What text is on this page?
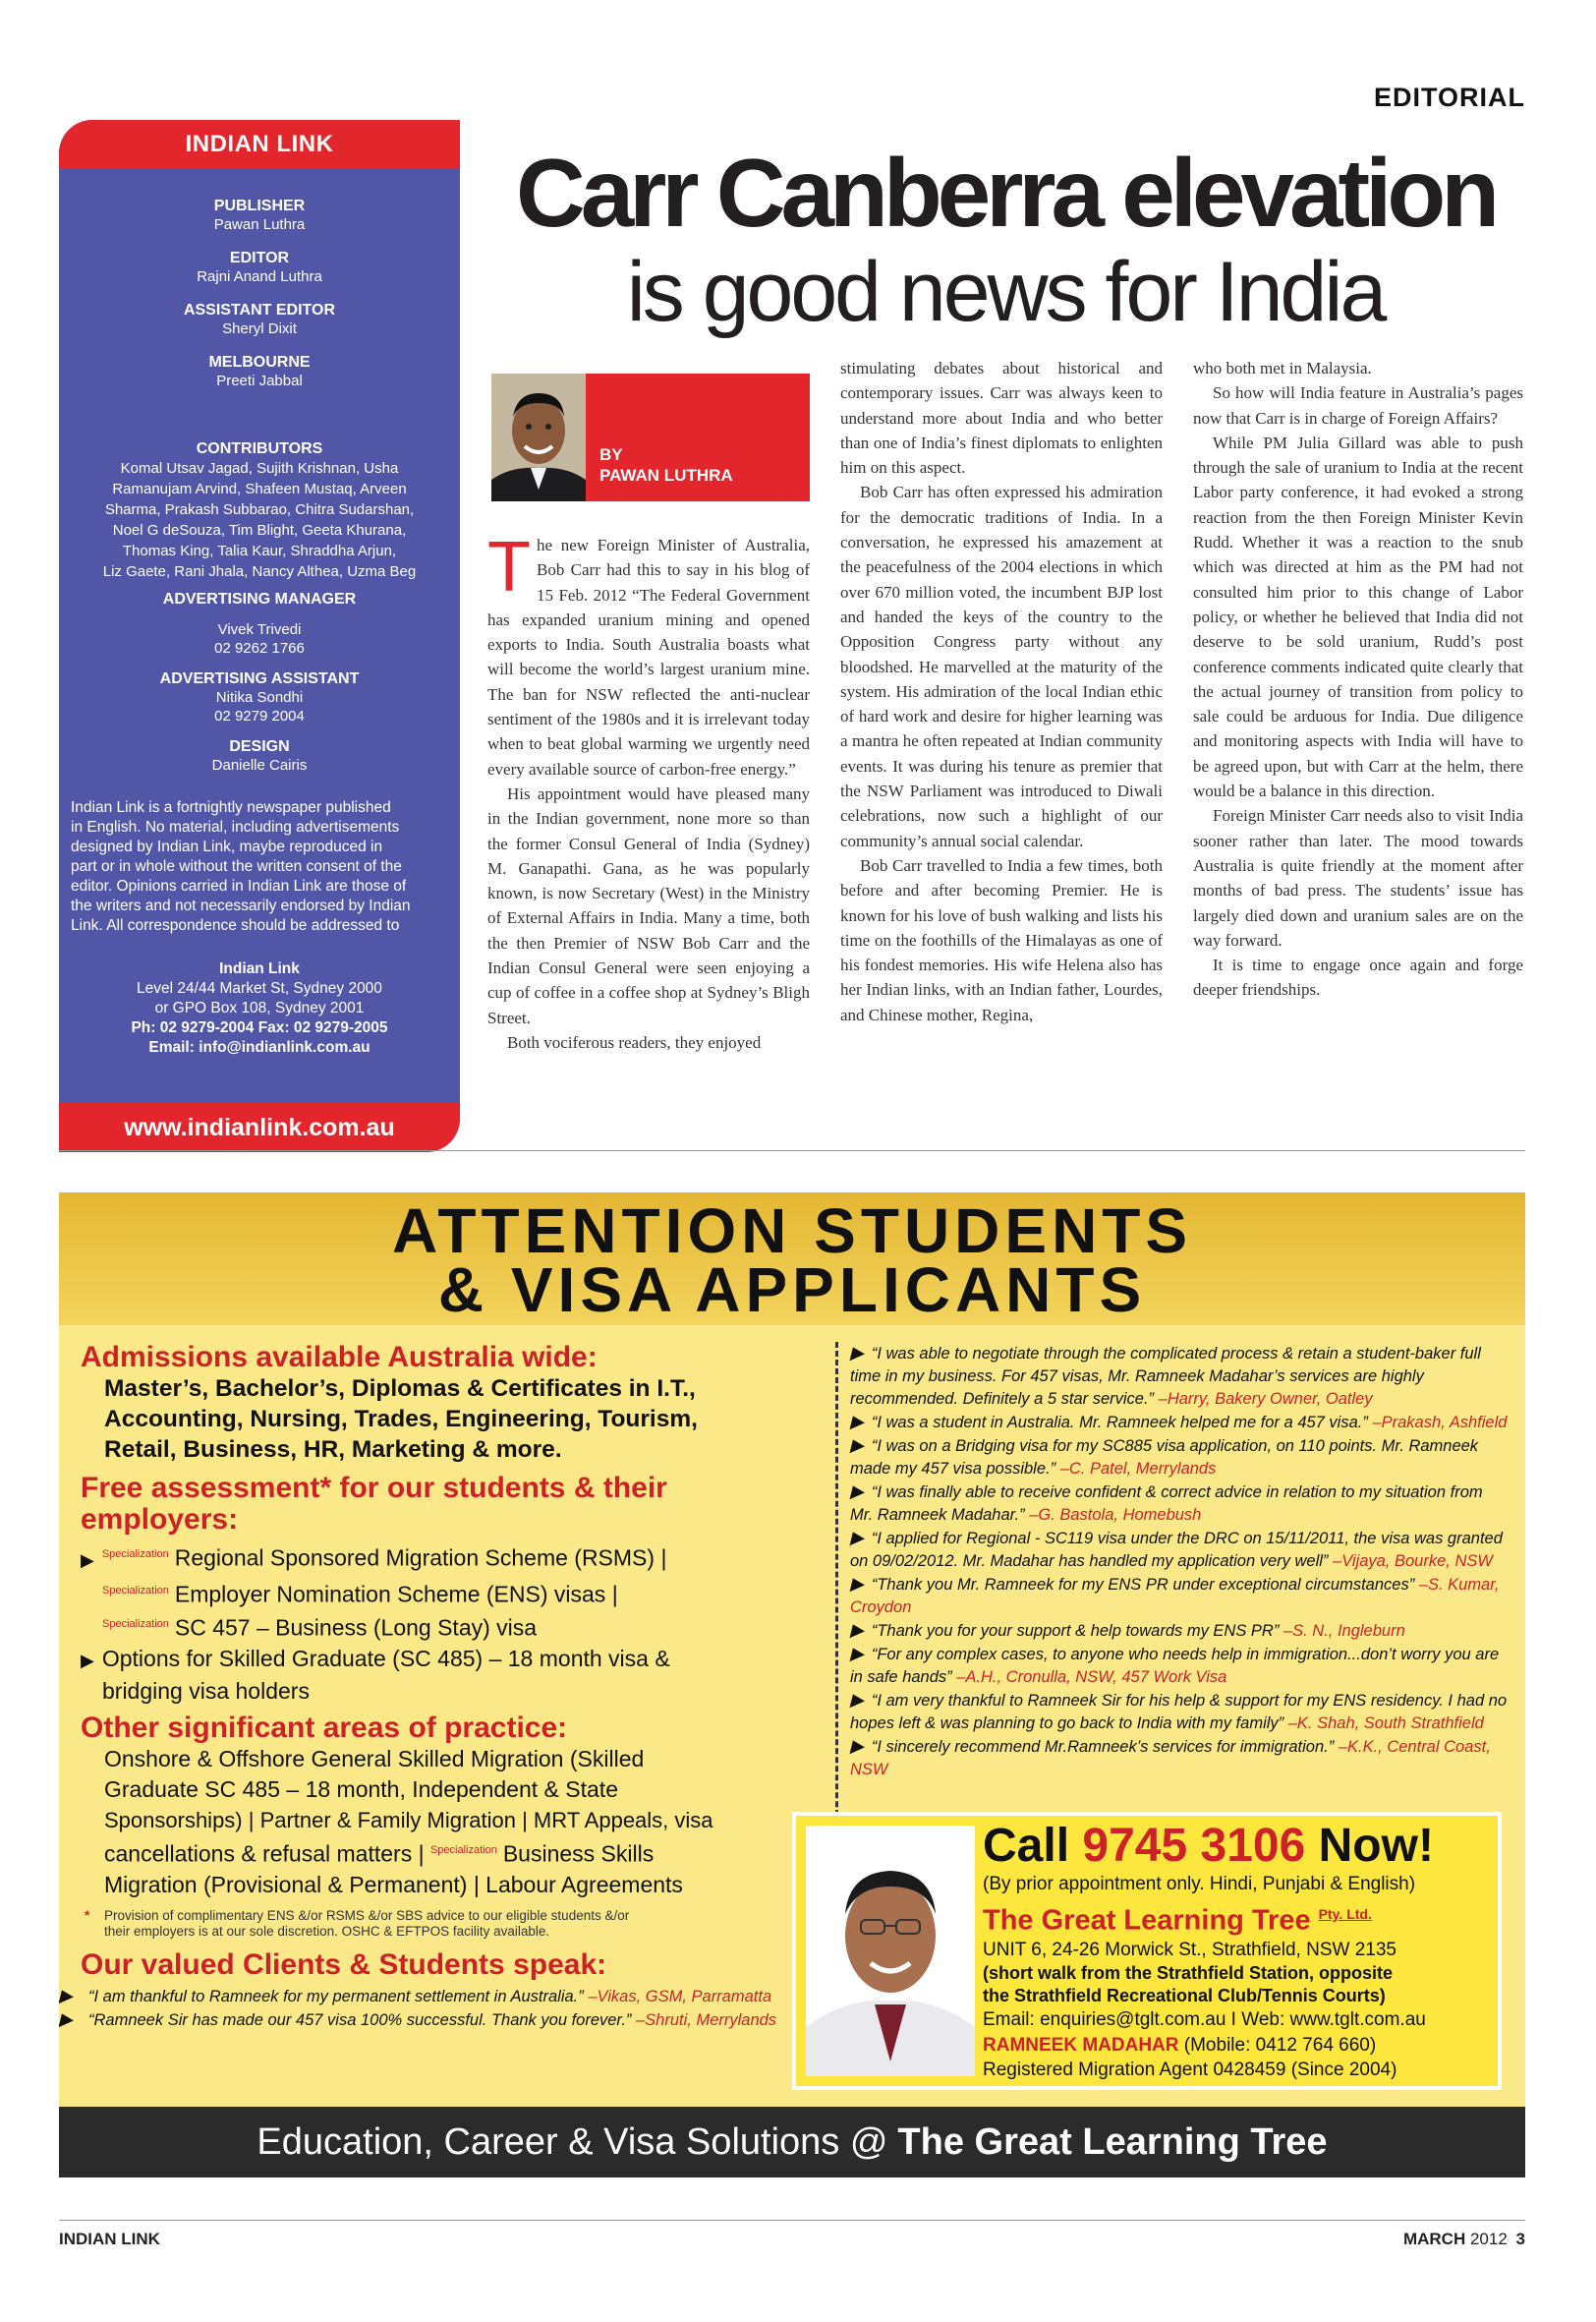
EDITORIAL
INDIAN LINK
PUBLISHER
Pawan Luthra
EDITOR
Rajni Anand Luthra
ASSISTANT EDITOR
Sheryl Dixit
MELBOURNE
Preeti Jabbal
CONTRIBUTORS
Komal Utsav Jagad, Sujith Krishnan, Usha
Ramanujam Arvind, Shafeen Mustaq, Arveen
Sharma, Prakash Subbarao, Chitra Sudarshan,
Noel G deSouza, Tim Blight, Geeta Khurana,
Thomas King, Talia Kaur, Shraddha Arjun,
Liz Gaete, Rani Jhala, Nancy Althea, Uzma Beg
ADVERTISING MANAGER
Vivek Trivedi
02 9262 1766
ADVERTISING ASSISTANT
Nitika Sondhi
02 9279 2004
DESIGN
Danielle Cairis
Indian Link is a fortnightly newspaper published
in English. No material, including advertisements
designed by Indian Link, maybe reproduced in
part or in whole without the written consent of the
editor. Opinions carried in Indian Link are those of
the writers and not necessarily endorsed by Indian
Link. All correspondence should be addressed to
Indian Link
Level 24/44 Market St, Sydney 2000
or GPO Box 108, Sydney 2001
Ph: 02 9279-2004 Fax: 02 9279-2005
Email: info@indianlink.com.au
www.indianlink.com.au
Carr Canberra elevation
is good news for India
BY
PAWAN LUTHRA

The new Foreign Minister of Australia, Bob Carr had this to say in his blog of 15 Feb. 2012 “The Federal Government has expanded uranium mining and opened exports to India. South Australia boasts what will become the world’s largest uranium mine. The ban for NSW reflected the anti-nuclear sentiment of the 1980s and it is irrelevant today when to beat global warming we urgently need every available source of carbon-free energy.”

His appointment would have pleased many in the Indian government, none more so than the former Consul General of India (Sydney) M. Ganapathi. Gana, as he was popularly known, is now Secretary (West) in the Ministry of External Affairs in India. Many a time, both the then Premier of NSW Bob Carr and the Indian Consul General were seen enjoying a cup of coffee in a coffee shop at Sydney’s Bligh Street.

Both vociferous readers, they enjoyed

stimulating debates about historical and contemporary issues. Carr was always keen to understand more about India and who better than one of India’s finest diplomats to enlighten him on this aspect.

Bob Carr has often expressed his admiration for the democratic traditions of India. In a conversation, he expressed his amazement at the peacefulness of the 2004 elections in which over 670 million voted, the incumbent BJP lost and handed the keys of the country to the Opposition Congress party without any bloodshed. He marvelled at the maturity of the system. His admiration of the local Indian ethic of hard work and desire for higher learning was a mantra he often repeated at Indian community events. It was during his tenure as premier that the NSW Parliament was introduced to Diwali celebrations, now such a highlight of our community’s annual social calendar.

Bob Carr travelled to India a few times, both before and after becoming Premier. He is known for his love of bush walking and lists his time on the foothills of the Himalayas as one of his fondest memories. His wife Helena also has her Indian links, with an Indian father, Lourdes, and Chinese mother, Regina,

who both met in Malaysia.

So how will India feature in Australia’s pages now that Carr is in charge of Foreign Affairs?

While PM Julia Gillard was able to push through the sale of uranium to India at the recent Labor party conference, it had evoked a strong reaction from the then Foreign Minister Kevin Rudd. Whether it was a reaction to the snub which was directed at him as the PM had not consulted him prior to this change of Labor policy, or whether he believed that India did not deserve to be sold uranium, Rudd’s post conference comments indicated quite clearly that the actual journey of transition from policy to sale could be arduous for India. Due diligence and monitoring aspects with India will have to be agreed upon, but with Carr at the helm, there would be a balance in this direction.

Foreign Minister Carr needs also to visit India sooner rather than later. The mood towards Australia is quite friendly at the moment after months of bad press. The students’ issue has largely died down and uranium sales are on the way forward.

It is time to engage once again and forge deeper friendships.

ATTENTION STUDENTS
& VISA APPLICANTS
Admissions available Australia wide:
Master’s, Bachelor’s, Diplomas & Certificates in I.T.,
Accounting, Nursing, Trades, Engineering, Tourism,
Retail, Business, HR, Marketing & more.
Free assessment* for our students & their
employers:
▶ $^{Specialization}$ Regional Sponsored Migration Scheme (RSMS) |
$^{Specialization}$ Employer Nomination Scheme (ENS) visas |
$^{Specialization}$ SC 457 – Business (Long Stay) visa
▶ Options for Skilled Graduate (SC 485) – 18 month visa &
bridging visa holders
Other significant areas of practice:
Onshore & Offshore General Skilled Migration (Skilled
Graduate SC 485 – 18 month, Independent & State
Sponsorships) | Partner & Family Migration | MRT Appeals, visa
cancellations & refusal matters | $^{Specialization}$ Business Skills
Migration (Provisional & Permanent) | Labour Agreements
* Provision of complimentary ENS &/or RSMS &/or SBS advice to our eligible students &/or
their employers is at our sole discretion. OSHC & EFTPOS facility available.
Our valued Clients & Students speak:
▶ “I am thankful to Ramneek for my permanent settlement in Australia.” –Vikas, GSM, Parramatta
▶ “Ramneek Sir has made our 457 visa 100% successful. Thank you forever.” –Shruti, Merrylands
▶ “I was able to negotiate through the complicated process & retain a student-baker full time in my business. For 457 visas, Mr. Ramneek Madahar’s services are highly recommended. Definitely a 5 star service.” –Harry, Bakery Owner, Oatley
▶ “I was a student in Australia. Mr. Ramneek helped me for a 457 visa.” –Prakash, Ashfield
▶ “I was on a Bridging visa for my SC885 visa application, on 110 points. Mr. Ramneek made my 457 visa possible.” –C. Patel, Merrylands
▶ “I was finally able to receive confident & correct advice in relation to my situation from Mr. Ramneek Madahar.” –G. Bastola, Homebush
▶ “I applied for Regional - SC119 visa under the DRC on 15/11/2011, the visa was granted on 09/02/2012. Mr. Madahar has handled my application very well” –Vijaya, Bourke, NSW
▶ “Thank you Mr. Ramneek for my ENS PR under exceptional circumstances” –S. Kumar, Croydon
▶ “Thank you for your support & help towards my ENS PR” –S. N., Ingleburn
▶ “For any complex cases, to anyone who needs help in immigration...don’t worry you are in safe hands” –A.H., Cronulla, NSW, 457 Work Visa
▶ “I am very thankful to Ramneek Sir for his help & support for my ENS residency. I had no hopes left & was planning to go back to India with my family” –K. Shah, South Strathfield
▶ “I sincerely recommend Mr.Ramneek’s services for immigration.” –K.K., Central Coast, NSW
Call 9745 3106 Now!
(By prior appointment only. Hindi, Punjabi & English)
The Great Learning Tree $^{Pty. Ltd.}$
UNIT 6, 24-26 Morwick St., Strathfield, NSW 2135
(short walk from the Strathfield Station, opposite
the Strathfield Recreational Club/Tennis Courts)
Email: enquiries@tglt.com.au I Web: www.tglt.com.au
RAMNEEK MADAHAR (Mobile: 0412 764 660)
Registered Migration Agent 0428459 (Since 2004)
Education, Career & Visa Solutions @ The Great Learning Tree
INDIAN LINK	MARCH 2012 3
